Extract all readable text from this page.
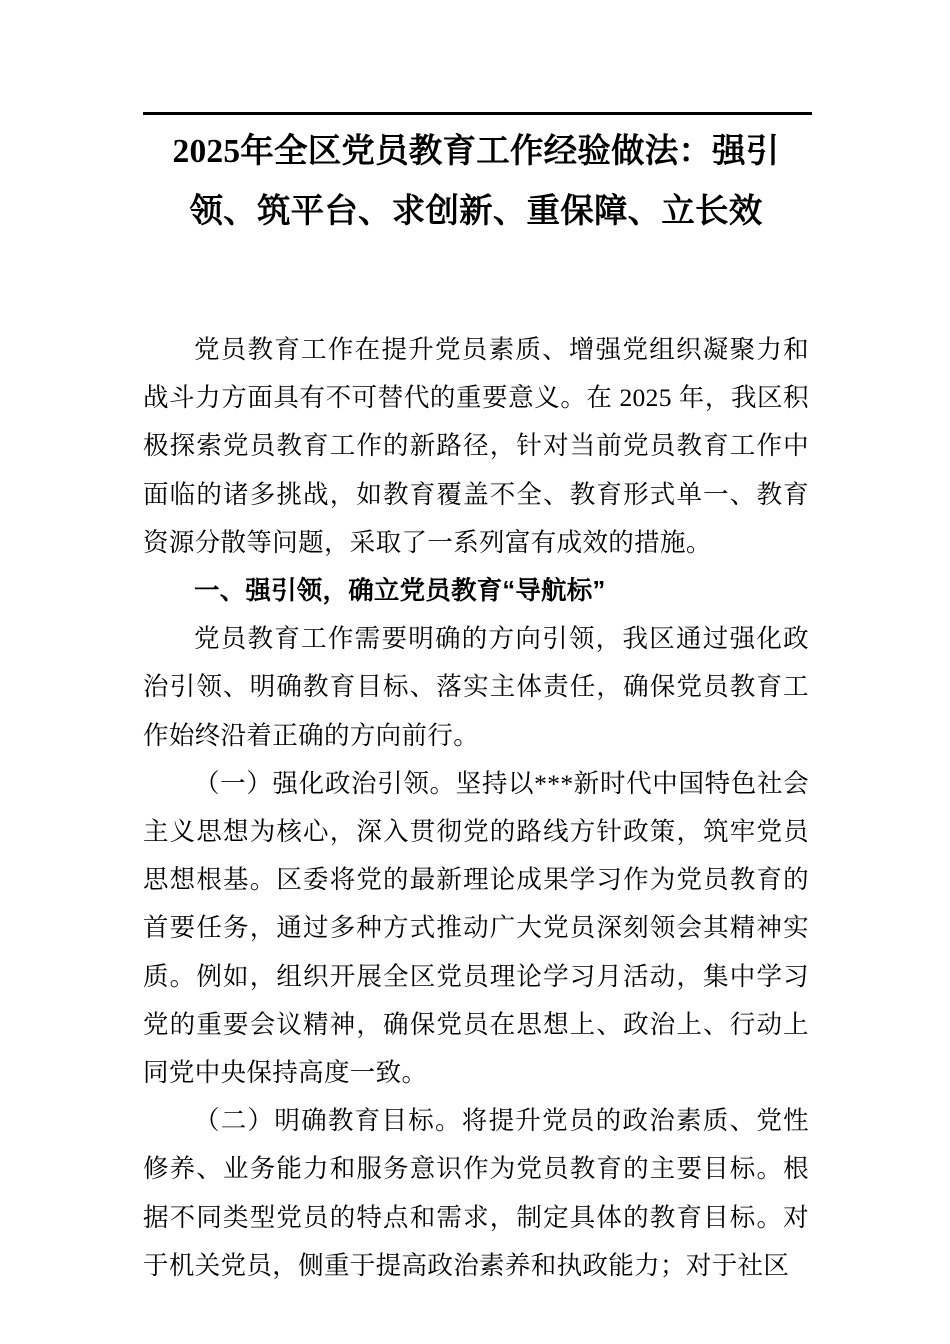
2025年全区党员教育工作经验做法：强引领、筑平台、求创新、重保障、立长效

党员教育工作在提升党员素质、增强党组织凝聚力和战斗力方面具有不可替代的重要意义。在 2025 年，我区积极探索党员教育工作的新路径，针对当前党员教育工作中面临的诸多挑战，如教育覆盖不全、教育形式单一、教育资源分散等问题，采取了一系列富有成效的措施。

一、强引领，确立党员教育“导航标”

党员教育工作需要明确的方向引领，我区通过强化政治引领、明确教育目标、落实主体责任，确保党员教育工作始终沿着正确的方向前行。

（一）强化政治引领。坚持以***新时代中国特色社会主义思想为核心，深入贯彻党的路线方针政策，筑牢党员思想根基。区委将党的最新理论成果学习作为党员教育的首要任务，通过多种方式推动广大党员深刻领会其精神实质。例如，组织开展全区党员理论学习月活动，集中学习党的重要会议精神，确保党员在思想上、政治上、行动上同党中央保持高度一致。

（二）明确教育目标。将提升党员的政治素质、党性修养、业务能力和服务意识作为党员教育的主要目标。根据不同类型党员的特点和需求，制定具体的教育目标。对于机关党员，侧重于提高政治素养和执政能力；对于社区
